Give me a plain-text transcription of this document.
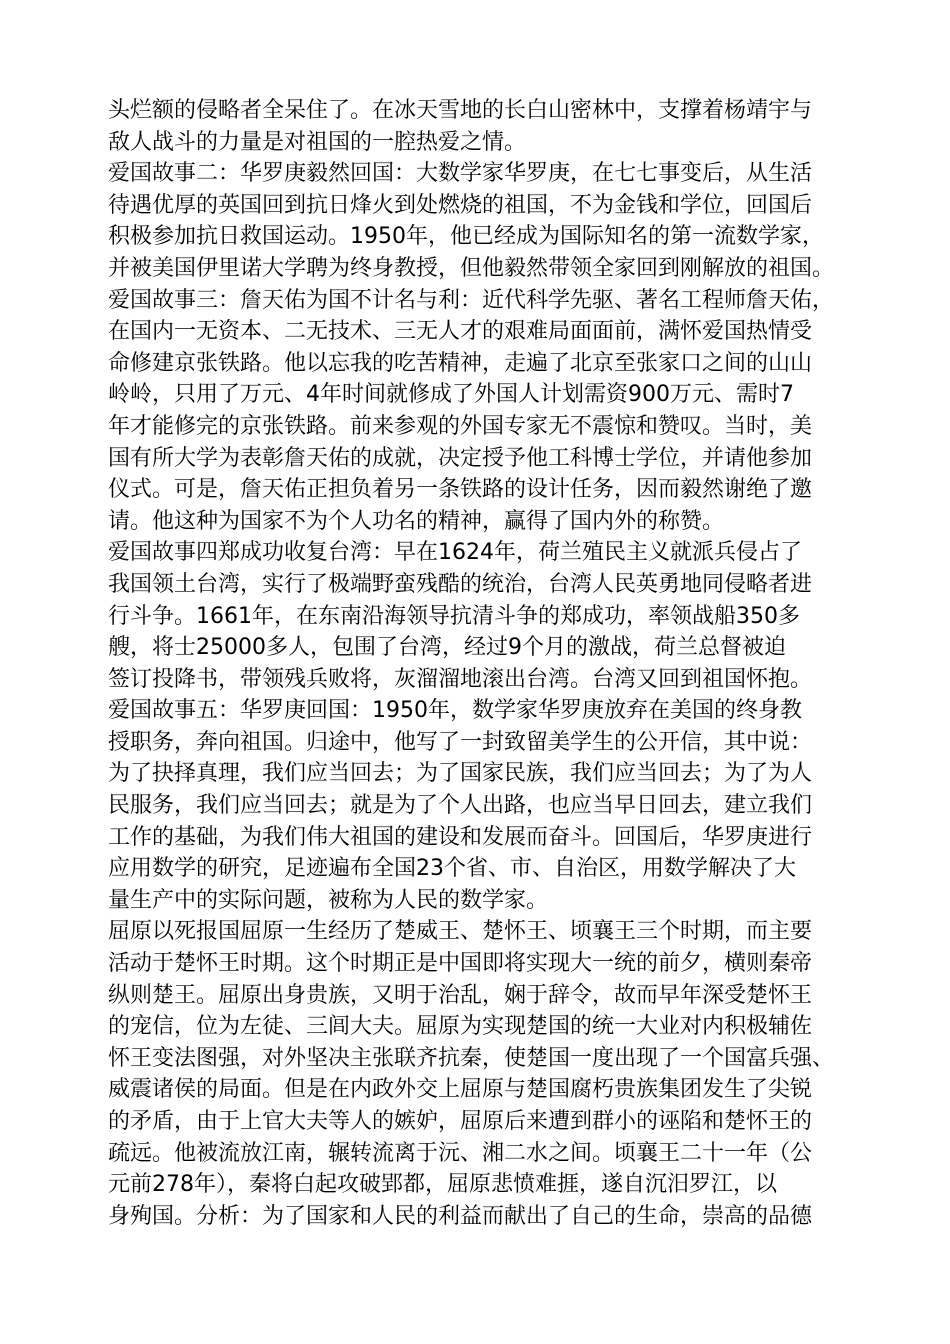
头烂额的侵略者全呆住了。在冰天雪地的长白山密林中，支撑着杨靖宇与
敌人战斗的力量是对祖国的一腔热爱之情。
爱国故事二：华罗庚毅然回国：大数学家华罗庚，在七七事变后，从生活
待遇优厚的英国回到抗日烽火到处燃烧的祖国，不为金钱和学位，回国后
积极参加抗日救国运动。1950年，他已经成为国际知名的第一流数学家，
并被美国伊里诺大学聘为终身教授，但他毅然带领全家回到刚解放的祖国。
爱国故事三：詹天佑为国不计名与利：近代科学先驱、著名工程师詹天佑，
在国内一无资本、二无技术、三无人才的艰难局面面前，满怀爱国热情受
命修建京张铁路。他以忘我的吃苦精神，走遍了北京至张家口之间的山山
岭岭，只用了万元、4年时间就修成了外国人计划需资900万元、需时7
年才能修完的京张铁路。前来参观的外国专家无不震惊和赞叹。当时，美
国有所大学为表彰詹天佑的成就，决定授予他工科博士学位，并请他参加
仪式。可是，詹天佑正担负着另一条铁路的设计任务，因而毅然谢绝了邀
请。他这种为国家不为个人功名的精神，赢得了国内外的称赞。
爱国故事四郑成功收复台湾：早在1624年，荷兰殖民主义就派兵侵占了
我国领土台湾，实行了极端野蛮残酷的统治，台湾人民英勇地同侵略者进
行斗争。1661年，在东南沿海领导抗清斗争的郑成功，率领战船350多
艘，将士25000多人，包围了台湾，经过9个月的激战，荷兰总督被迫
签订投降书，带领残兵败将，灰溜溜地滚出台湾。台湾又回到祖国怀抱。
爱国故事五：华罗庚回国：1950年，数学家华罗庚放弃在美国的终身教
授职务，奔向祖国。归途中，他写了一封致留美学生的公开信，其中说：
为了抉择真理，我们应当回去；为了国家民族，我们应当回去；为了为人
民服务，我们应当回去；就是为了个人出路，也应当早日回去，建立我们
工作的基础，为我们伟大祖国的建设和发展而奋斗。回国后，华罗庚进行
应用数学的研究，足迹遍布全国23个省、市、自治区，用数学解决了大
量生产中的实际问题，被称为人民的数学家。
屈原以死报国屈原一生经历了楚威王、楚怀王、顷襄王三个时期，而主要
活动于楚怀王时期。这个时期正是中国即将实现大一统的前夕，横则秦帝
纵则楚王。屈原出身贵族，又明于治乱，娴于辞令，故而早年深受楚怀王
的宠信，位为左徒、三闾大夫。屈原为实现楚国的统一大业对内积极辅佐
怀王变法图强，对外坚决主张联齐抗秦，使楚国一度出现了一个国富兵强、
威震诸侯的局面。但是在内政外交上屈原与楚国腐朽贵族集团发生了尖锐
的矛盾，由于上官大夫等人的嫉妒，屈原后来遭到群小的诬陷和楚怀王的
疏远。他被流放江南，辗转流离于沅、湘二水之间。顷襄王二十一年（公
元前278年），秦将白起攻破郢都，屈原悲愤难捱，遂自沉汨罗江，以
身殉国。分析：为了国家和人民的利益而献出了自己的生命，崇高的品德
